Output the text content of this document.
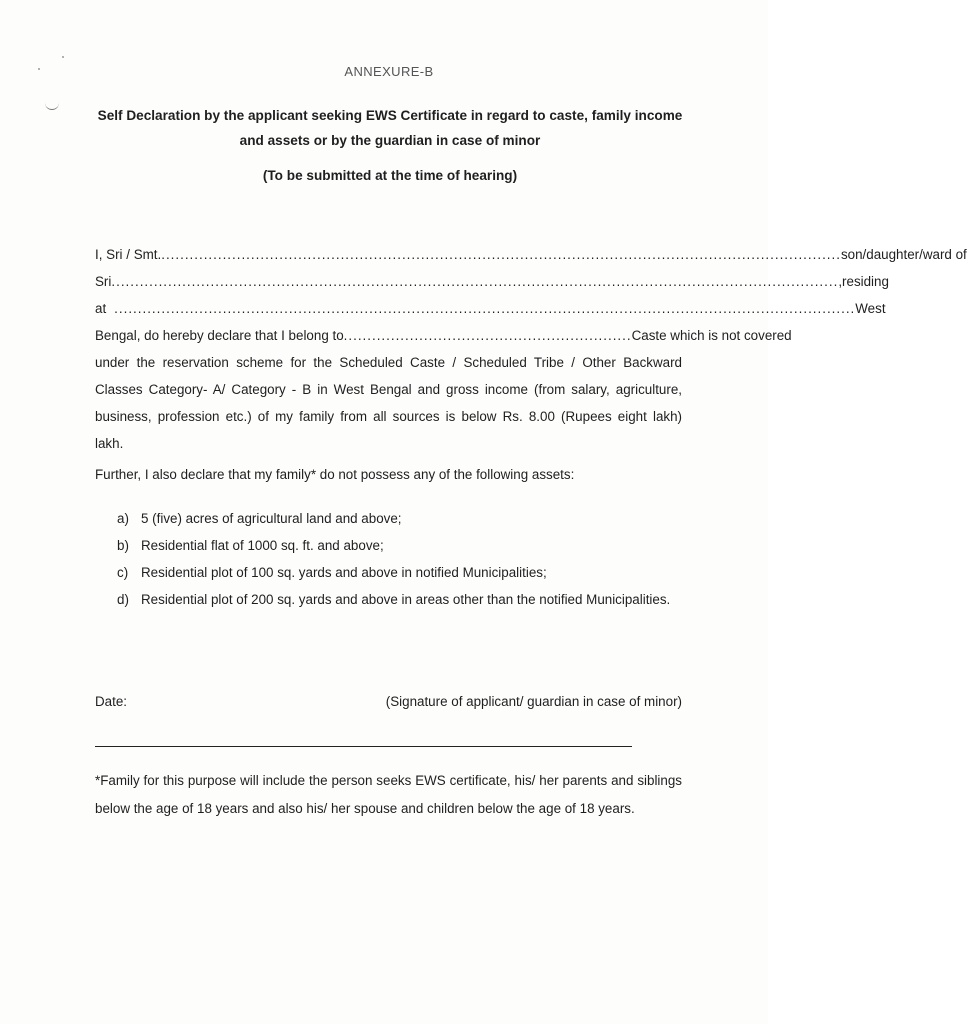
ANNEXURE-B
Self Declaration by the applicant seeking EWS Certificate in regard to caste, family income
and assets or by the guardian in case of minor
(To be submitted at the time of hearing)
I, Sri / Smt. ................................................................................................................................................ son/daughter/ward of
Sri .......................................................................................................................................................... ,residing
at ............................................................................................................................................................. West
Bengal, do hereby declare that I belong to ............................................................. Caste which is not covered
under the reservation scheme for the Scheduled Caste / Scheduled Tribe / Other Backward
Classes Category- A/ Category - B in West Bengal and gross income (from salary, agriculture,
business, profession etc.) of my family from all sources is below Rs. 8.00 (Rupees eight lakh)
lakh.
Further, I also declare that my family* do not possess any of the following assets:
a) 5 (five) acres of agricultural land and above;
b) Residential flat of 1000 sq. ft. and above;
c) Residential plot of 100 sq. yards and above in notified Municipalities;
d) Residential plot of 200 sq. yards and above in areas other than the notified Municipalities.
Date:	(Signature of applicant/ guardian in case of minor)
*Family for this purpose will include the person seeks EWS certificate, his/ her parents and siblings below the age of 18 years and also his/ her spouse and children below the age of 18 years.
